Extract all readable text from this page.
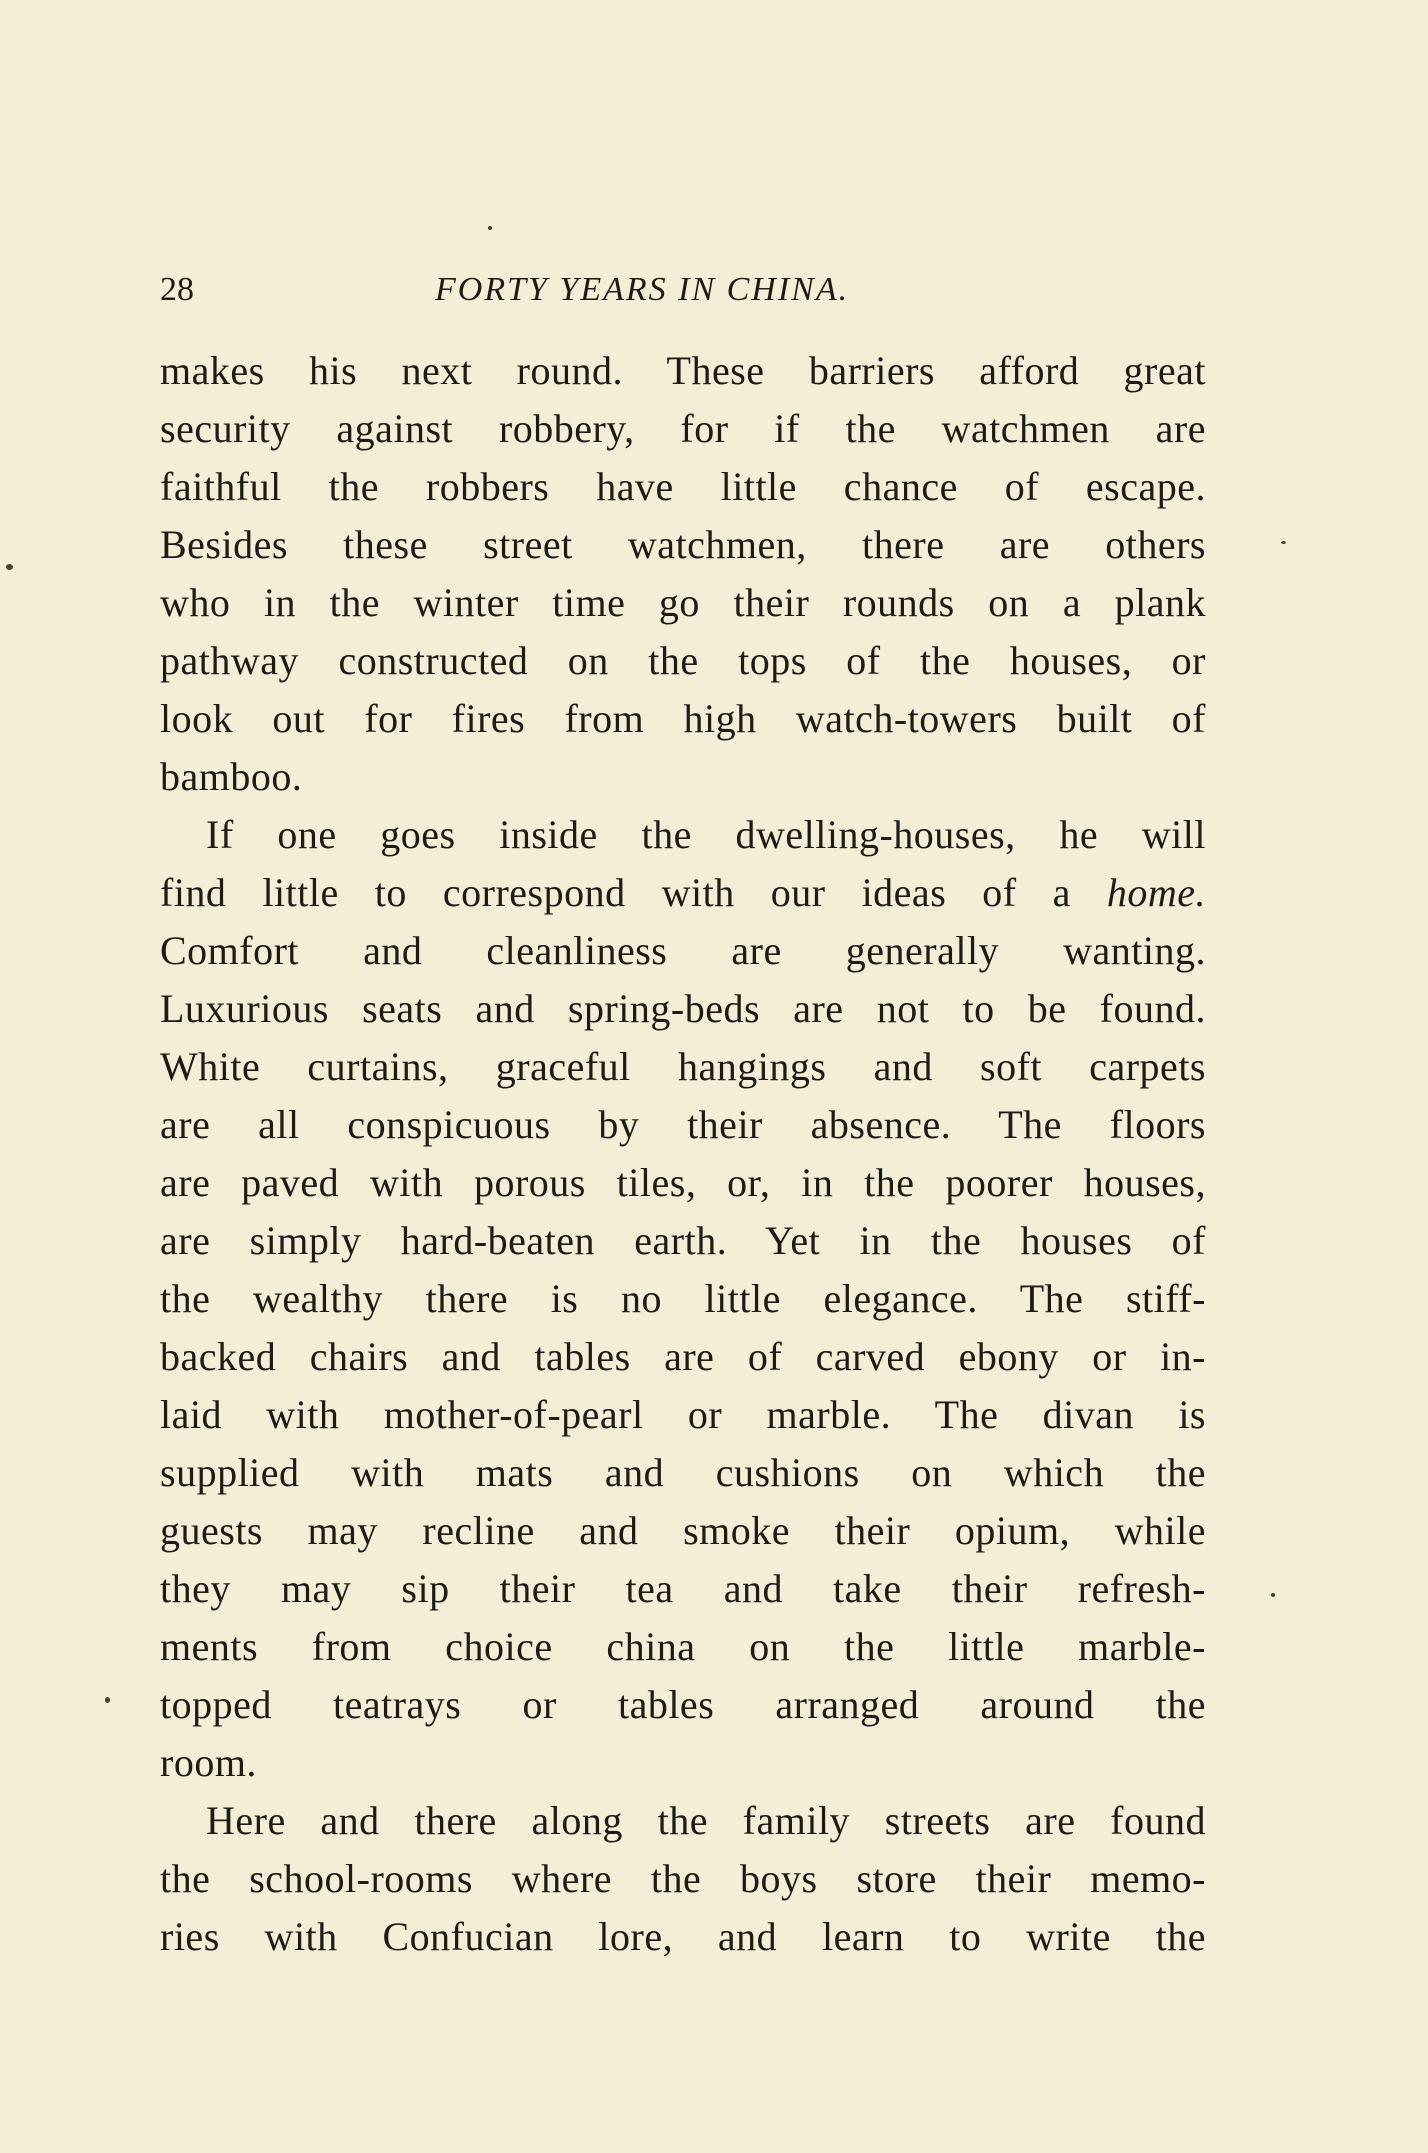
28	FORTY YEARS IN CHINA.
makes his next round. These barriers afford great
security against robbery, for if the watchmen are
faithful the robbers have little chance of escape.
Besides these street watchmen, there are others
who in the winter time go their rounds on a plank
pathway constructed on the tops of the houses, or
look out for fires from high watch-towers built of
bamboo.
If one goes inside the dwelling-houses, he will
find little to correspond with our ideas of a home.
Comfort and cleanliness are generally wanting.
Luxurious seats and spring-beds are not to be found.
White curtains, graceful hangings and soft carpets
are all conspicuous by their absence. The floors
are paved with porous tiles, or, in the poorer houses,
are simply hard-beaten earth. Yet in the houses of
the wealthy there is no little elegance. The stiff-
backed chairs and tables are of carved ebony or in-
laid with mother-of-pearl or marble. The divan is
supplied with mats and cushions on which the
guests may recline and smoke their opium, while
they may sip their tea and take their refresh-
ments from choice china on the little marble-
topped teatrays or tables arranged around the
room.
Here and there along the family streets are found
the school-rooms where the boys store their memo-
ries with Confucian lore, and learn to write the
